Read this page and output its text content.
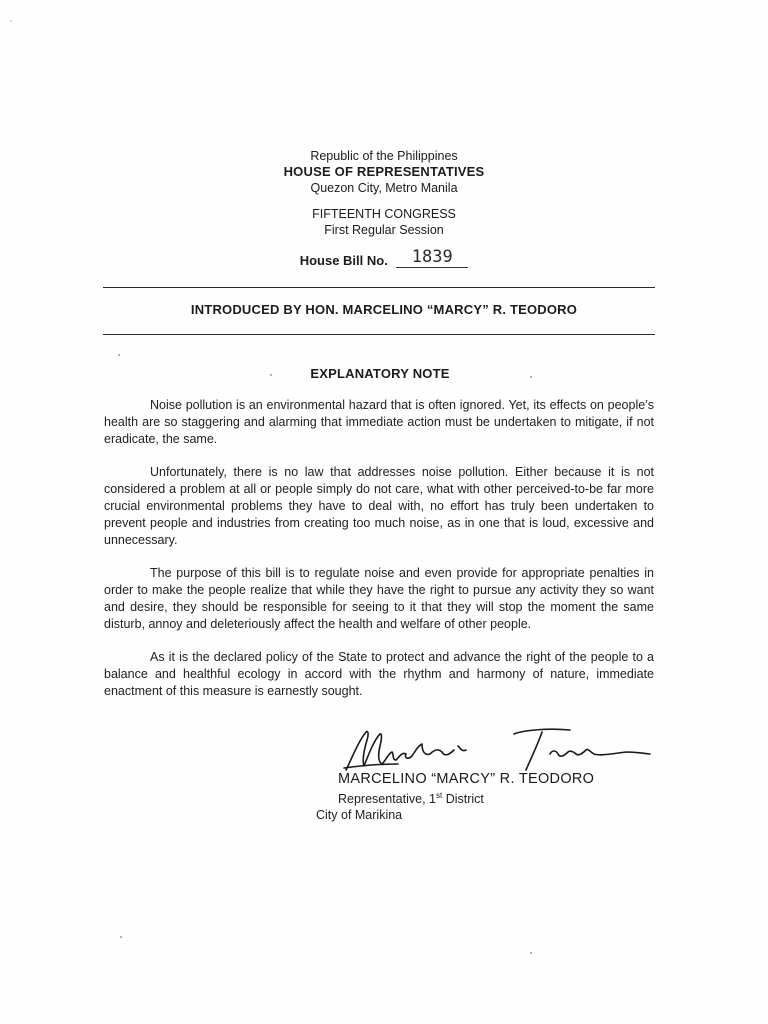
Republic of the Philippines

HOUSE OF REPRESENTATIVES

Quezon City, Metro Manila

FIFTEENTH CONGRESS

First Regular Session

House Bill No. 1839
INTRODUCED BY HON. MARCELINO “MARCY” R. TEODORO
EXPLANATORY NOTE

Noise pollution is an environmental hazard that is often ignored. Yet, its effects on people’s health are so staggering and alarming that immediate action must be undertaken to mitigate, if not eradicate, the same.

Unfortunately, there is no law that addresses noise pollution. Either because it is not considered a problem at all or people simply do not care, what with other perceived-to-be far more crucial environmental problems they have to deal with, no effort has truly been undertaken to prevent people and industries from creating too much noise, as in one that is loud, excessive and unnecessary.

The purpose of this bill is to regulate noise and even provide for appropriate penalties in order to make the people realize that while they have the right to pursue any activity they so want and desire, they should be responsible for seeing to it that they will stop the moment the same disturb, annoy and deleteriously affect the health and welfare of other people.

As it is the declared policy of the State to protect and advance the right of the people to a balance and healthful ecology in accord with the rhythm and harmony of nature, immediate enactment of this measure is earnestly sought.

MARCELINO “MARCY” R. TEODORO
Representative, 1st District
City of Marikina
